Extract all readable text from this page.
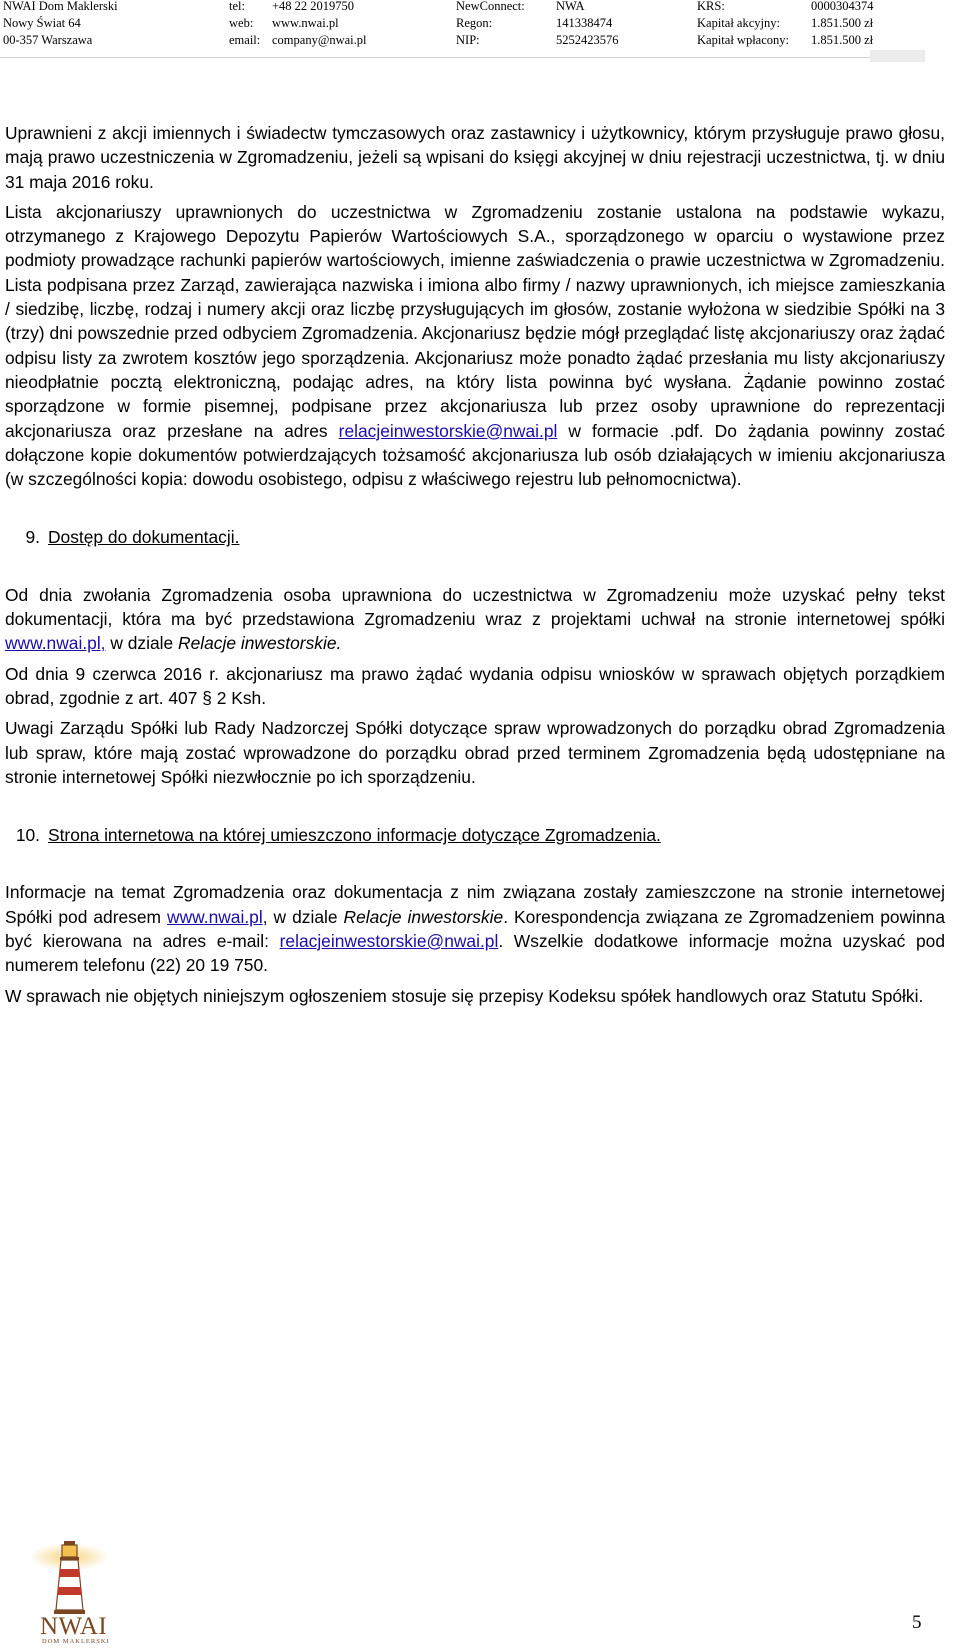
NWAI Dom Maklerski	tel: +48 22 2019750	NewConnect:	NWA	KRS:	0000304374
Nowy Świat 64	web: www.nwai.pl	Regon:	141338474	Kapitał akcyjny: 1.851.500 zł
00-357 Warszawa	email: company@nwai.pl	NIP:	5252423576	Kapitał wpłacony: 1.851.500 zł

Uprawnieni z akcji imiennych i świadectw tymczasowych oraz zastawnicy i użytkownicy, którym przysługuje prawo głosu, mają prawo uczestniczenia w Zgromadzeniu, jeżeli są wpisani do księgi akcyjnej w dniu rejestracji uczestnictwa, tj. w dniu 31 maja 2016 roku.

Lista akcjonariuszy uprawnionych do uczestnictwa w Zgromadzeniu zostanie ustalona na podstawie wykazu, otrzymanego z Krajowego Depozytu Papierów Wartościowych S.A., sporządzonego w oparciu o wystawione przez podmioty prowadzące rachunki papierów wartościowych, imienne zaświadczenia o prawie uczestnictwa w Zgromadzeniu. Lista podpisana przez Zarząd, zawierająca nazwiska i imiona albo firmy / nazwy uprawnionych, ich miejsce zamieszkania / siedzibę, liczbę, rodzaj i numery akcji oraz liczbę przysługujących im głosów, zostanie wyłożona w siedzibie Spółki na 3 (trzy) dni powszednie przed odbyciem Zgromadzenia. Akcjonariusz będzie mógł przeglądać listę akcjonariuszy oraz żądać odpisu listy za zwrotem kosztów jego sporządzenia. Akcjonariusz może ponadto żądać przesłania mu listy akcjonariuszy nieodpłatnie pocztą elektroniczną, podając adres, na który lista powinna być wysłana. Żądanie powinno zostać sporządzone w formie pisemnej, podpisane przez akcjonariusza lub przez osoby uprawnione do reprezentacji akcjonariusza oraz przesłane na adres relacjeinwestorskie@nwai.pl w formacie .pdf. Do żądania powinny zostać dołączone kopie dokumentów potwierdzających tożsamość akcjonariusza lub osób działających w imieniu akcjonariusza (w szczególności kopia: dowodu osobistego, odpisu z właściwego rejestru lub pełnomocnictwa).

9. Dostęp do dokumentacji.

Od dnia zwołania Zgromadzenia osoba uprawniona do uczestnictwa w Zgromadzeniu może uzyskać pełny tekst dokumentacji, która ma być przedstawiona Zgromadzeniu wraz z projektami uchwał na stronie internetowej spółki www.nwai.pl, w dziale Relacje inwestorskie.

Od dnia 9 czerwca 2016 r. akcjonariusz ma prawo żądać wydania odpisu wniosków w sprawach objętych porządkiem obrad, zgodnie z art. 407 § 2 Ksh.

Uwagi Zarządu Spółki lub Rady Nadzorczej Spółki dotyczące spraw wprowadzonych do porządku obrad Zgromadzenia lub spraw, które mają zostać wprowadzone do porządku obrad przed terminem Zgromadzenia będą udostępniane na stronie internetowej Spółki niezwłocznie po ich sporządzeniu.

10. Strona internetowa na której umieszczono informacje dotyczące Zgromadzenia.

Informacje na temat Zgromadzenia oraz dokumentacja z nim związana zostały zamieszczone na stronie internetowej Spółki pod adresem www.nwai.pl, w dziale Relacje inwestorskie. Korespondencja związana ze Zgromadzeniem powinna być kierowana na adres e-mail: relacjeinwestorskie@nwai.pl. Wszelkie dodatkowe informacje można uzyskać pod numerem telefonu (22) 20 19 750.

W sprawach nie objętych niniejszym ogłoszeniem stosuje się przepisy Kodeksu spółek handlowych oraz Statutu Spółki.

NWAI
DOM MAKLERSKI
5
